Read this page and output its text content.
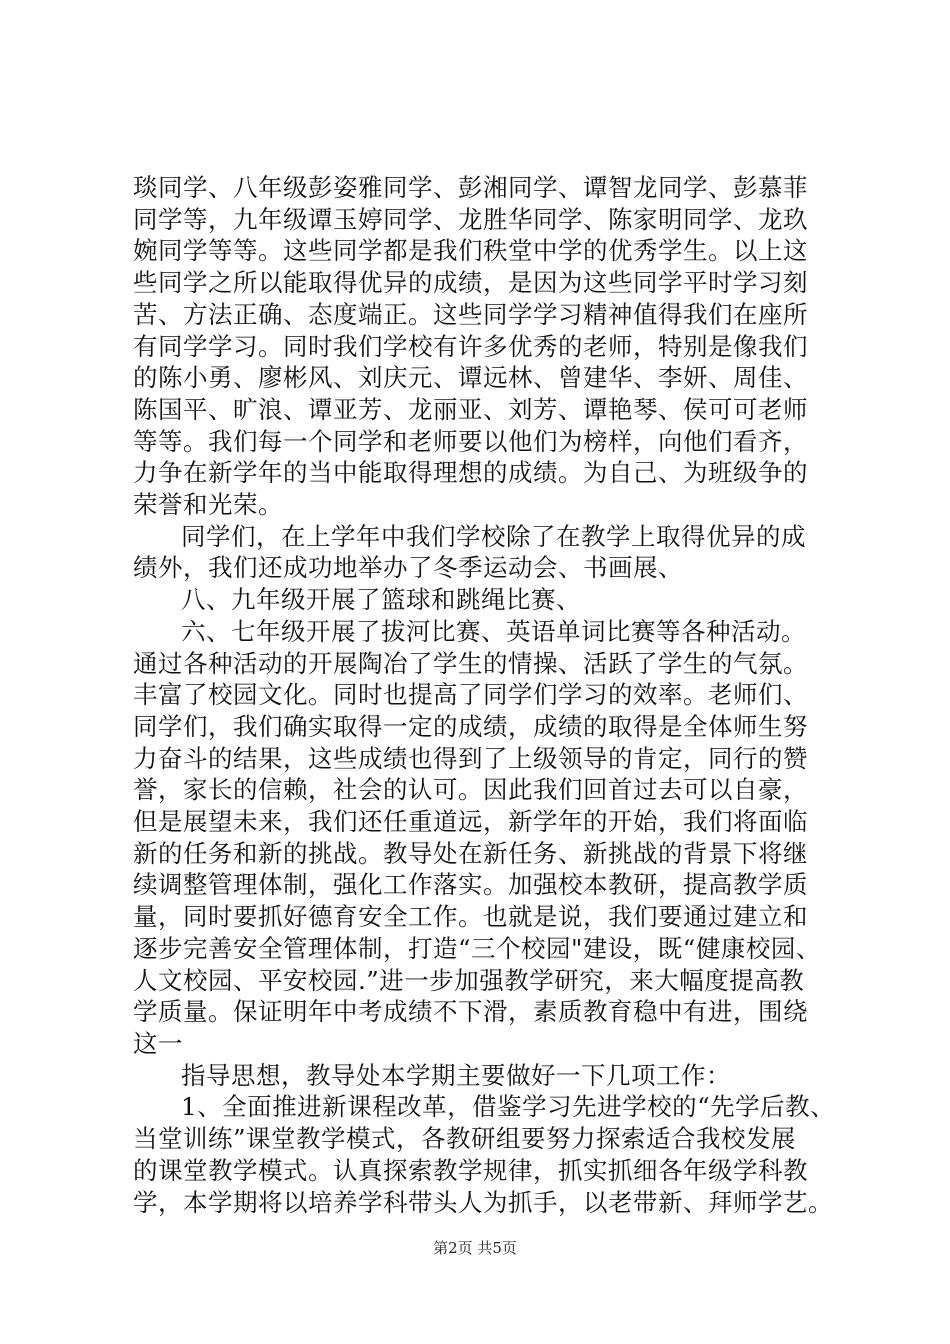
琰同学、八年级彭姿雅同学、彭湘同学、谭智龙同学、彭慕菲
同学等，九年级谭玉婷同学、龙胜华同学、陈家明同学、龙玖
婉同学等等。这些同学都是我们秩堂中学的优秀学生。以上这
些同学之所以能取得优异的成绩，是因为这些同学平时学习刻
苦、方法正确、态度端正。这些同学学习精神值得我们在座所
有同学学习。同时我们学校有许多优秀的老师，特别是像我们
的陈小勇、廖彬风、刘庆元、谭远林、曾建华、李妍、周佳、
陈国平、旷浪、谭亚芳、龙丽亚、刘芳、谭艳琴、侯可可老师
等等。我们每一个同学和老师要以他们为榜样，向他们看齐，
力争在新学年的当中能取得理想的成绩。为自己、为班级争的
荣誉和光荣。
同学们，在上学年中我们学校除了在教学上取得优异的成
绩外，我们还成功地举办了冬季运动会、书画展、
八、九年级开展了篮球和跳绳比赛、
六、七年级开展了拔河比赛、英语单词比赛等各种活动。
通过各种活动的开展陶冶了学生的情操、活跃了学生的气氛。
丰富了校园文化。同时也提高了同学们学习的效率。老师们、
同学们，我们确实取得一定的成绩，成绩的取得是全体师生努
力奋斗的结果，这些成绩也得到了上级领导的肯定，同行的赞
誉，家长的信赖，社会的认可。因此我们回首过去可以自豪，
但是展望未来，我们还任重道远，新学年的开始，我们将面临
新的任务和新的挑战。教导处在新任务、新挑战的背景下将继
续调整管理体制，强化工作落实。加强校本教研，提高教学质
量，同时要抓好德育安全工作。也就是说，我们要通过建立和
逐步完善安全管理体制，打造“三个校园"建设，既“健康校园、
人文校园、平安校园.”进一步加强教学研究，来大幅度提高教
学质量。保证明年中考成绩不下滑，素质教育稳中有进，围绕
这一
指导思想，教导处本学期主要做好一下几项工作：
1、全面推进新课程改革，借鉴学习先进学校的“先学后教、
当堂训练”课堂教学模式，各教研组要努力探索适合我校发展
的课堂教学模式。认真探索教学规律，抓实抓细各年级学科教
学，本学期将以培养学科带头人为抓手，以老带新、拜师学艺。
第2页 共5页
